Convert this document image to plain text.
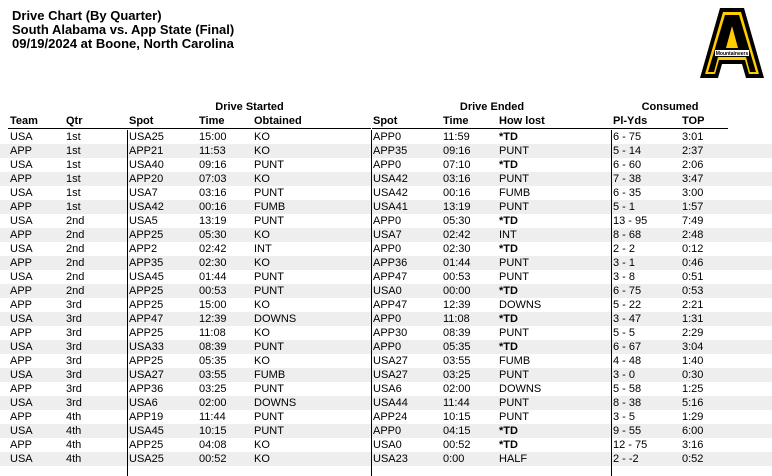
Drive Chart (By Quarter)
South Alabama vs. App State (Final)
09/19/2024 at Boone, North Carolina
Mountaineers
Drive Started	Drive Ended	Consumed
Team	Qtr	Spot	Time	Obtained	Spot	Time	How lost	Pl-Yds	TOP
USA	1st	USA25	15:00 KO	APP0	11:59	*TD	6 - 75	3:01
APP	1st	APP21	11:53	KO	APP35	09:16	PUNT	5 - 14	2:37
USA	1st	USA40	09:16 PUNT	APP0	07:10	*TD	6 - 60	2:06
APP	1st	APP20	07:03 KO	USA42	03:16	PUNT	7 - 38	3:47
USA	1st	USA7	03:16 PUNT	USA42	00:16	FUMB	6 - 35	3:00
APP	1st	USA42	00:16 FUMB	USA41	13:19	PUNT	5 - 1	1:57
USA	2nd	USA5	13:19 PUNT	APP0	05:30	*TD	13 - 95	7:49
APP	2nd	APP25	05:30 KO	USA7	02:42	INT	8 - 68	2:48
USA	2nd	APP2	02:42 INT	APP0	02:30	*TD	2 - 2	0:12
APP	2nd	APP35	02:30 KO	APP36	01:44	PUNT	3 - 1	0:46
USA	2nd	USA45	01:44 PUNT	APP47	00:53	PUNT	3 - 8	0:51
APP	2nd	APP25	00:53 PUNT	USA0	00:00	*TD	6 - 75	0:53
APP	3rd	APP25	15:00 KO	APP47	12:39	DOWNS	5 - 22	2:21
USA	3rd	APP47	12:39 DOWNS	APP0	11:08	*TD	3 - 47	1:31
APP	3rd	APP25	11:08	KO	APP30	08:39	PUNT	5 - 5	2:29
USA	3rd	USA33	08:39 PUNT	APP0	05:35	*TD	6 - 67	3:04
APP	3rd	APP25	05:35 KO	USA27	03:55	FUMB	4 - 48	1:40
USA	3rd	USA27	03:55 FUMB	USA27	03:25	PUNT	3 - 0	0:30
APP	3rd	APP36	03:25 PUNT	USA6	02:00	DOWNS	5 - 58	1:25
USA	3rd	USA6	02:00 DOWNS	USA44	11:44	PUNT	8 - 38	5:16
APP	4th	APP19	11:44	PUNT	APP24	10:15	PUNT	3 - 5	1:29
USA	4th	USA45	10:15 PUNT	APP0	04:15	*TD	9 - 55	6:00
APP	4th	APP25	04:08 KO	USA0	00:52	*TD	12 - 75	3:16
USA	4th	USA25	00:52 KO	USA23	0:00	HALF	2 - -2	0:52
